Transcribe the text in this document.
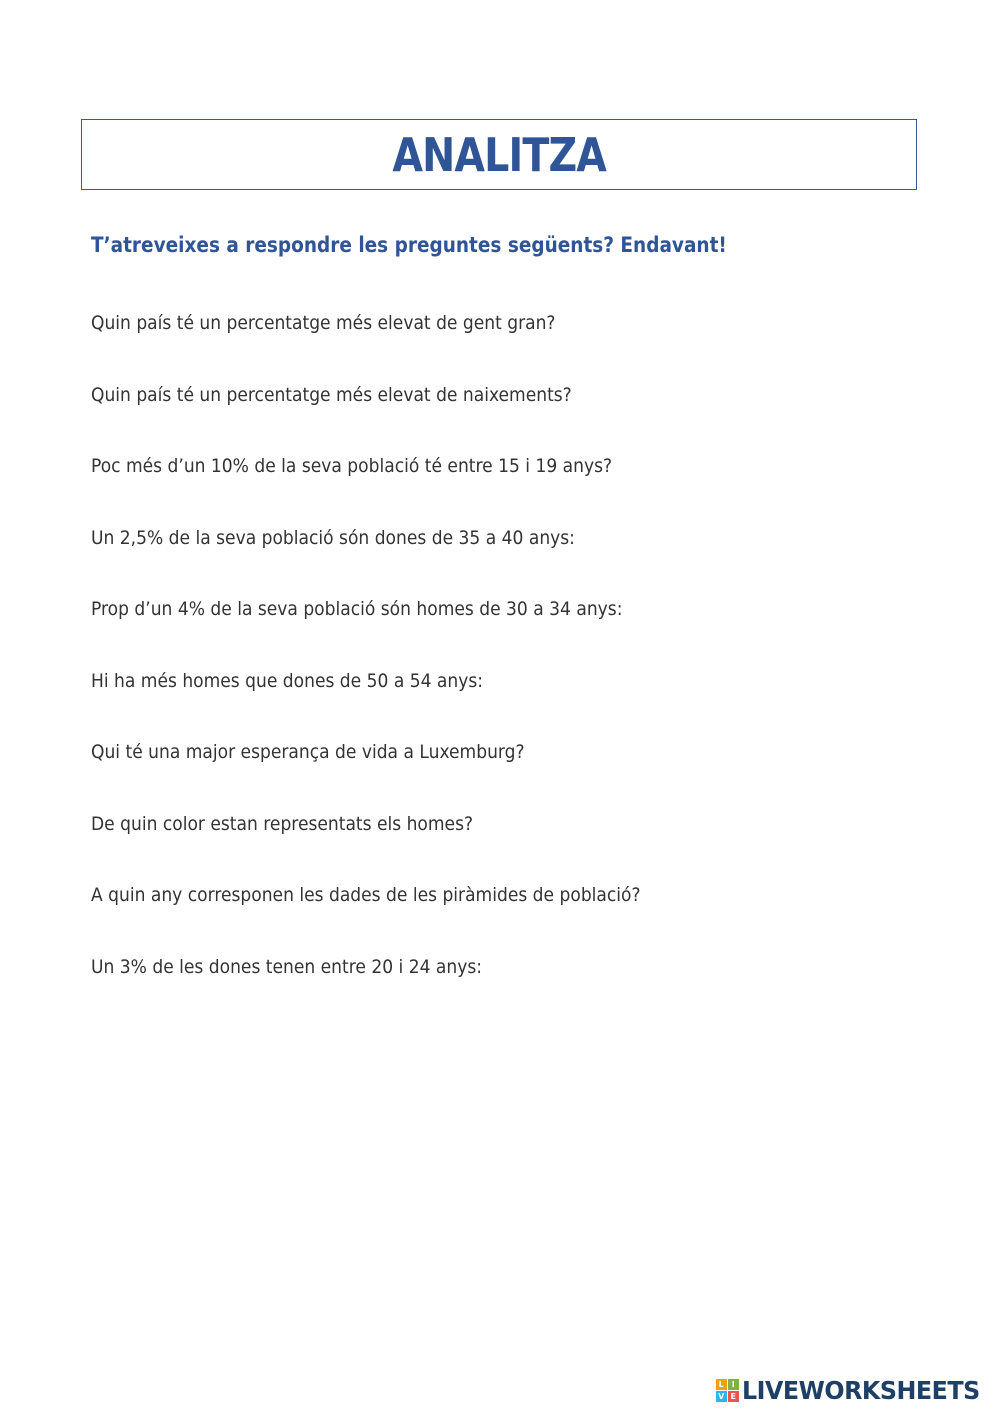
ANALITZA
T’atreveixes a respondre les preguntes següents? Endavant!
Quin país té un percentatge més elevat de gent gran?
Quin país té un percentatge més elevat de naixements?
Poc més d’un 10% de la seva població té entre 15 i 19 anys?
Un 2,5% de la seva població són dones de 35 a 40 anys:
Prop d’un 4% de la seva població són homes de 30 a 34 anys:
Hi ha més homes que dones de 50 a 54 anys:
Qui té una major esperança de vida a Luxemburg?
De quin color estan representats els homes?
A quin any corresponen les dades de les piràmides de població?
Un 3% de les dones tenen entre 20 i 24 anys:
L I
V E LIVEWORKSHEETS
